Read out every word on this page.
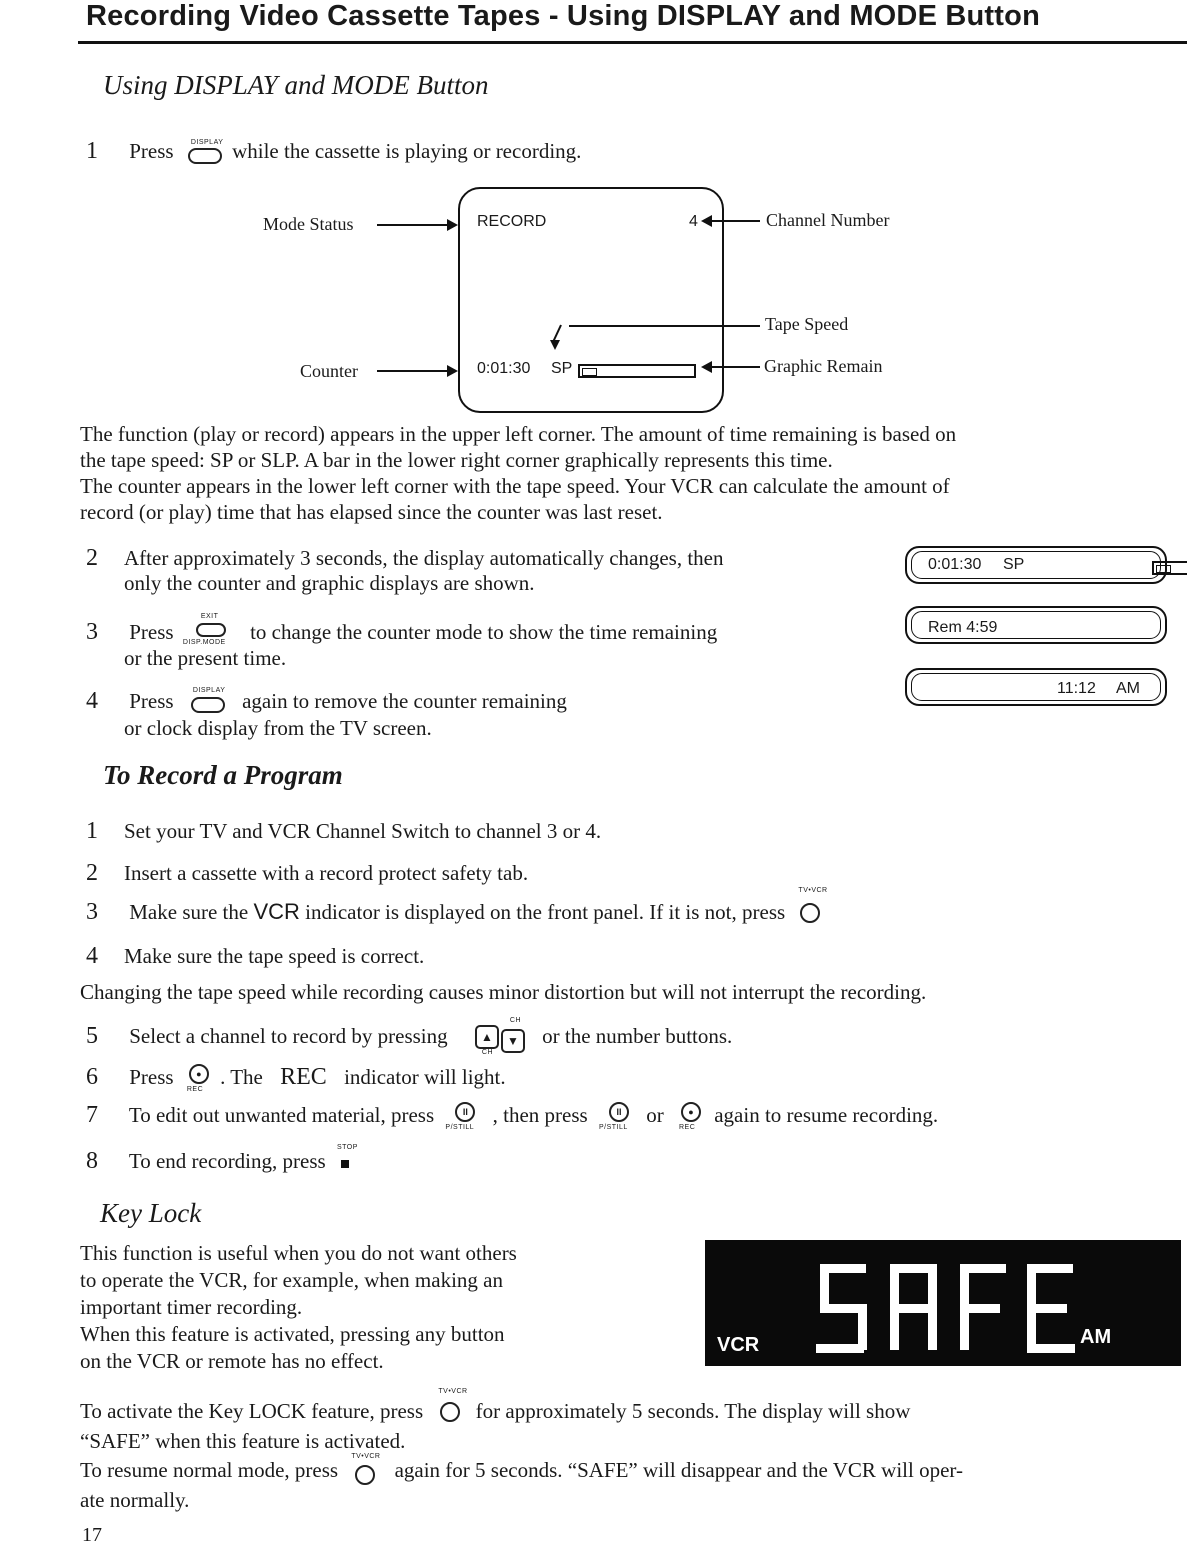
Recording Video Cassette Tapes - Using DISPLAY and MODE Button
Using DISPLAY and MODE Button
1 Press DISPLAY while the cassette is playing or recording.
RECORD	4
0:01:30 SP

Mode Status	Channel Number
Tape Speed
Counter	Graphic Remain
The function (play or record) appears in the upper left corner. The amount of time remaining is based on
the tape speed: SP or SLP. A bar in the lower right corner graphically represents this time.
The counter appears in the lower left corner with the tape speed. Your VCR can calculate the amount of
record (or play) time that has elapsed since the counter was last reset.
2 After approximately 3 seconds, the display automatically changes, then
only the counter and graphic displays are shown.
3 Press
EXIT
DISP.MODE to change the counter mode to show the time remaining
or the present time.
4 Press	DISPLAY again to remove the counter remaining
or clock display from the TV screen.
0:01:30 SP

Rem 4:59
11:12 AM
To Record a Program
1 Set your TV and VCR Channel Switch to channel 3 or 4.
2 Insert a cassette with a record protect safety tab.
3 Make sure the VCR indicator is displayed on the front panel. If it is not, press
TV•VCR
4 Make sure the tape speed is correct.
Changing the tape speed while recording causes minor distortion but will not interrupt the recording.
5 Select a channel to record by pressing
CH
▲	▼
CH
or the number buttons.
6 Press	●
REC
. The REC indicator will light.
7 To edit out unwanted material, press	II
P/STILL
, then press	II
P/STILL
or	●
REC
again to resume recording.
8 To end recording, press
STOP
Key Lock
This function is useful when you do not want others
to operate the VCR, for example, when making an
important timer recording.
When this feature is activated, pressing any button
on the VCR or remote has no effect.
VCR	AM
To activate the Key LOCK feature, press
TV•VCR
for approximately 5 seconds. The display will show
“SAFE” when this feature is activated.
To resume normal mode, press
TV•VCR
again for 5 seconds. “SAFE” will disappear and the VCR will oper-
ate normally.
17
